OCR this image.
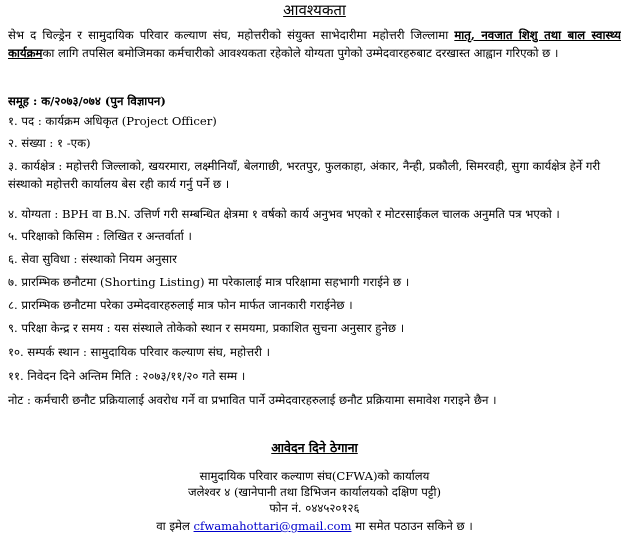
आवश्यकता
सेभ द चिल्ड्रेन र सामुदायिक परिवार कल्याण संघ, महोत्तरीको संयुक्त साभेदारीमा महोत्तरी जिल्लामा मातृ, नवजात शिशु तथा बाल स्वास्थ्य कार्यक्रमका लागि तपसिल बमोजिमका कर्मचारीको आवश्यकता रहेकोले योग्यता पुगेको उम्मेदवारहरुबाट दरखास्त आह्वान गरिएको छ ।
समूह : क/२०७३/०७४ (पुन विज्ञापन)
१. पद : कार्यक्रम अधिकृत (Project Officer)
२. संख्या : १ -एक)
३. कार्यक्षेत्र : महोत्तरी जिल्लाको, खयरमारा, लक्ष्मीनियाँ, बेलगाछी, भरतपुर, फुलकाहा, अंकार, नैन्ही, प्रकौली, सिमरवही, सुगा कार्यक्षेत्र हेर्ने गरी संस्थाको महोत्तरी कार्यालय बेस रही कार्य गर्नु पर्ने छ ।
४. योग्यता : BPH वा B.N. उत्तिर्ण गरी सम्बन्धित क्षेत्रमा १ वर्षको कार्य अनुभव भएको र मोटरसाईकल चालक अनुमति पत्र भएको ।
५. परिक्षाको किसिम : लिखित र अन्तर्वार्ता ।
६. सेवा सुविधा : संस्थाको नियम अनुसार
७. प्रारम्भिक छनौटमा (Shorting Listing) मा परेकालाई मात्र परिक्षामा सहभागी गराईने छ ।
८. प्रारम्भिक छनौटमा परेका उम्मेदवारहरुलाई मात्र फोन मार्फत जानकारी गराईनेछ ।
९. परिक्षा केन्द्र र समय : यस संस्थाले तोकेको स्थान र समयमा, प्रकाशित सुचना अनुसार हुनेछ ।
१०. सम्पर्क स्थान : सामुदायिक परिवार कल्याण संघ, महोत्तरी ।
११. निवेदन दिने अन्तिम मिति : २०७३/११/२० गते सम्म ।
नोट : कर्मचारी छनौट प्रक्रियालाई अवरोध गर्ने वा प्रभावित पार्ने उम्मेदवारहरुलाई छनौट प्रक्रियामा समावेश गराइने छैन ।
आवेदन दिने ठेगाना
सामुदायिक परिवार कल्याण संघ(CFWA)को कार्यालय
जलेश्वर ४ (खानेपानी तथा डिभिजन कार्यालयको दक्षिण पट्टी)
फोन नं. ०४४५२०१२६
वा इमेल cfwamahottari@gmail.com मा समेत पठाउन सकिने छ ।
